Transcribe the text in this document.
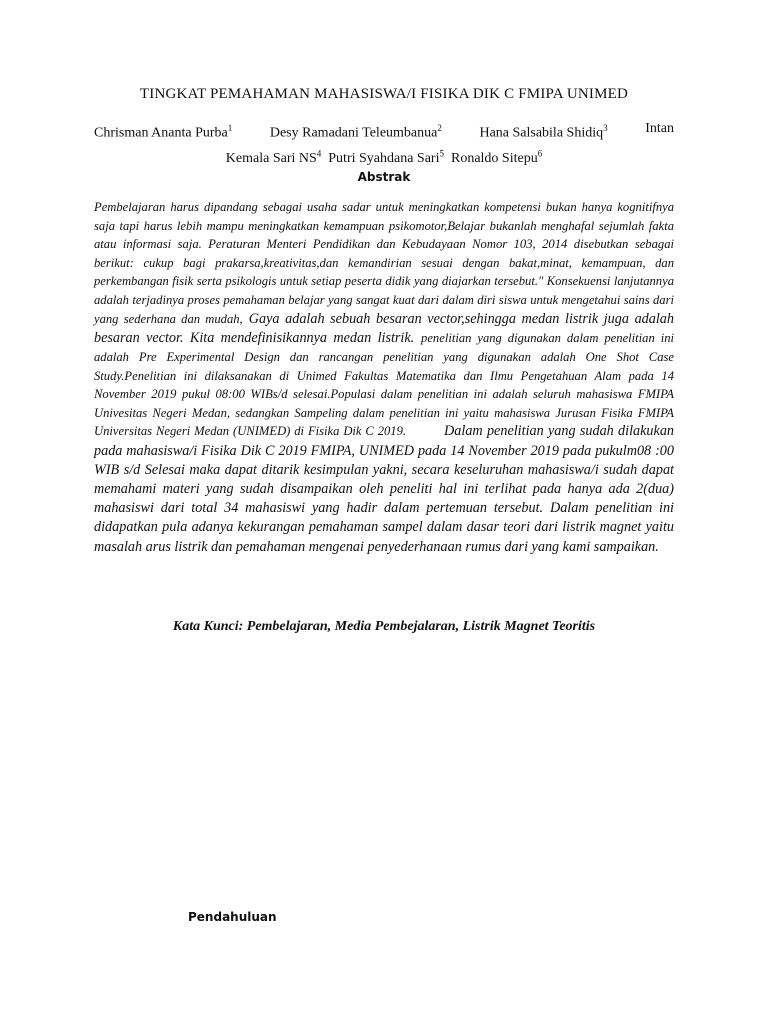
TINGKAT PEMAHAMAN MAHASISWA/I FISIKA DIK C FMIPA UNIMED
Chrisman Ananta Purba$^1$	Desy Ramadani Teleumbanua$^2$	Hana Salsabila Shidiq$^3$	Intan
Kemala Sari $NS^4$ Putri Syahdana Sari$^5$ Ronaldo Sitepu$^6$
Abstrak

Pembelajaran harus dipandang sebagai usaha sadar untuk meningkatkan kompetensi bukan hanya kognitifnya saja tapi harus lebih mampu meningkatkan kemampuan psikomotor,Belajar bukanlah menghafal sejumlah fakta atau informasi saja. Peraturan Menteri Pendidikan dan Kebudayaan Nomor 103, 2014 disebutkan sebagai berikut: cukup bagi prakarsa,kreativitas,dan kemandirian sesuai dengan bakat,minat, kemampuan, dan perkembangan fisik serta psikologis untuk setiap peserta didik yang diajarkan tersebut." Konsekuensi lanjutannya adalah terjadinya proses pemahaman belajar yang sangat kuat dari dalam diri siswa untuk mengetahui sains dari yang sederhana dan mudah, Gaya adalah sebuah besaran vector,sehingga medan listrik juga adalah besaran vector. Kita mendefinisikannya medan listrik. penelitian yang digunakan dalam penelitian ini adalah Pre Experimental Design dan rancangan penelitian yang digunakan adalah One Shot Case Study.Penelitian ini dilaksanakan di Unimed Fakultas Matematika dan Ilmu Pengetahuan Alam pada 14 November 2019 pukul 08:00 WIBs/d selesai.Populasi dalam penelitian ini adalah seluruh mahasiswa FMIPA Univesitas Negeri Medan, sedangkan Sampeling dalam penelitian ini yaitu mahasiswa Jurusan Fisika FMIPA Universitas Negeri Medan (UNIMED) di Fisika Dik C 2019.	Dalam penelitian yang sudah dilakukan pada mahasiswa/i Fisika Dik C 2019 FMIPA, UNIMED pada 14 November 2019 pada pukulm08 :00 WIB s/d Selesai maka dapat ditarik kesimpulan yakni, secara keseluruhan mahasiswa/i sudah dapat memahami materi yang sudah disampaikan oleh peneliti hal ini terlihat pada hanya ada 2(dua) mahasiswi dari total 34 mahasiswi yang hadir dalam pertemuan tersebut. Dalam penelitian ini didapatkan pula adanya kekurangan pemahaman sampel dalam dasar teori dari listrik magnet yaitu masalah arus listrik dan pemahaman mengenai penyederhanaan rumus dari yang kami sampaikan.

Kata Kunci: Pembelajaran, Media Pembejalaran, Listrik Magnet Teoritis
Pendahuluan
